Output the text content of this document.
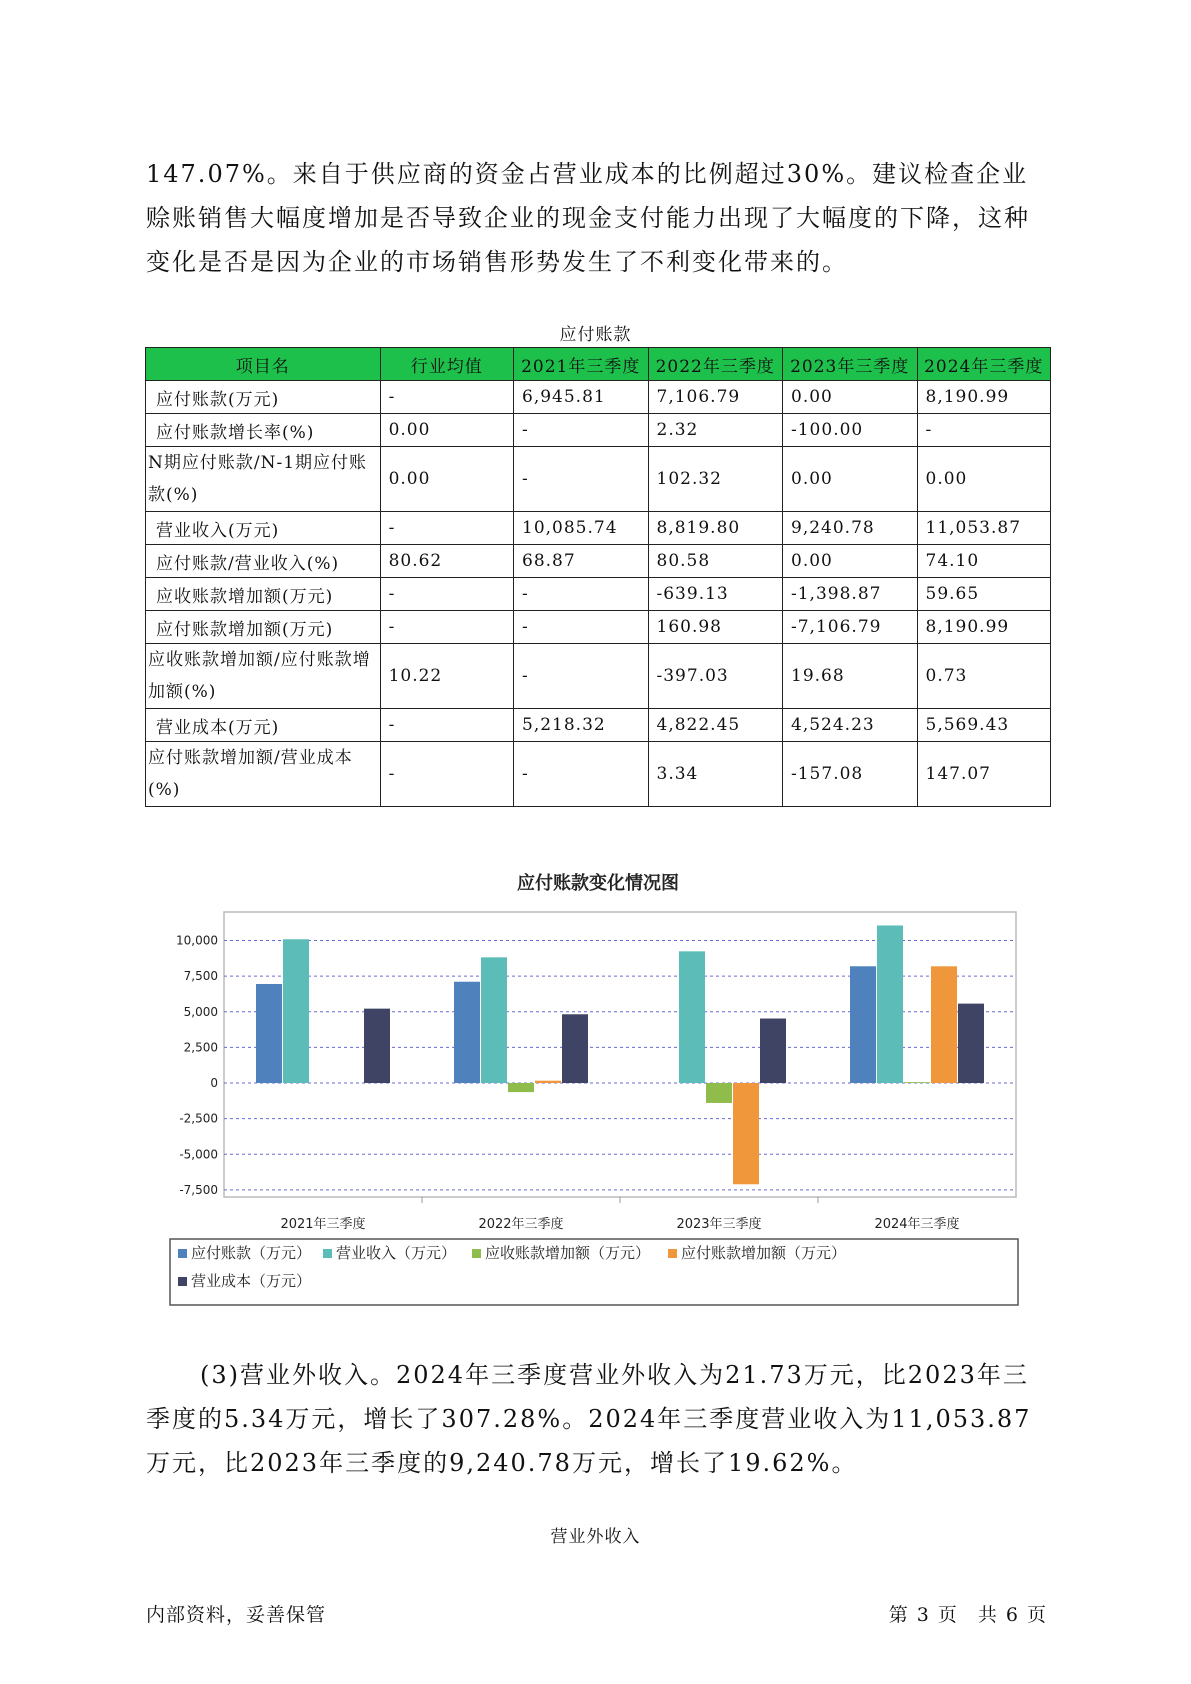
147.07%。来自于供应商的资金占营业成本的比例超过30%。建议检查企业赊账销售大幅度增加是否导致企业的现金支付能力出现了大幅度的下降，这种变化是否是因为企业的市场销售形势发生了不利变化带来的。

应付账款
项目名	行业均值	2021年三季度	2022年三季度	2023年三季度	2024年三季度
应付账款(万元)	-	6,945.81	7,106.79	0.00	8,190.99
应付账款增长率(%)	0.00	-	2.32	-100.00	-
N期应付账款/N-1期应付账款(%)	0.00	-	102.32	0.00	0.00
营业收入(万元)	-	10,085.74	8,819.80	9,240.78	11,053.87
应付账款/营业收入(%)	80.62	68.87	80.58	0.00	74.10
应收账款增加额(万元)	-	-	-639.13	-1,398.87	59.65
应付账款增加额(万元)	-	-	160.98	-7,106.79	8,190.99
应收账款增加额/应付账款增加额(%)	10.22	-	-397.03	19.68	0.73
营业成本(万元)	-	5,218.32	4,822.45	4,524.23	5,569.43
应付账款增加额/营业成本(%)	-	-	3.34	-157.08	147.07
应付账款变化情况图
10,000
7,500
5,000
2,500
0
-2,500
-5,000
-7,500
2021年三季度	2022年三季度	2023年三季度	2024年三季度
应付账款（万元） 营业收入（万元） 应收账款增加额（万元） 应付账款增加额（万元）
营业成本（万元）
营业外收入

(3)营业外收入。2024年三季度营业外收入为21.73万元，比2023年三季度的5.34万元，增长了307.28%。2024年三季度营业收入为11,053.87万元，比2023年三季度的9,240.78万元，增长了19.62%。

内部资料，妥善保管	第 3 页　共 6 页
